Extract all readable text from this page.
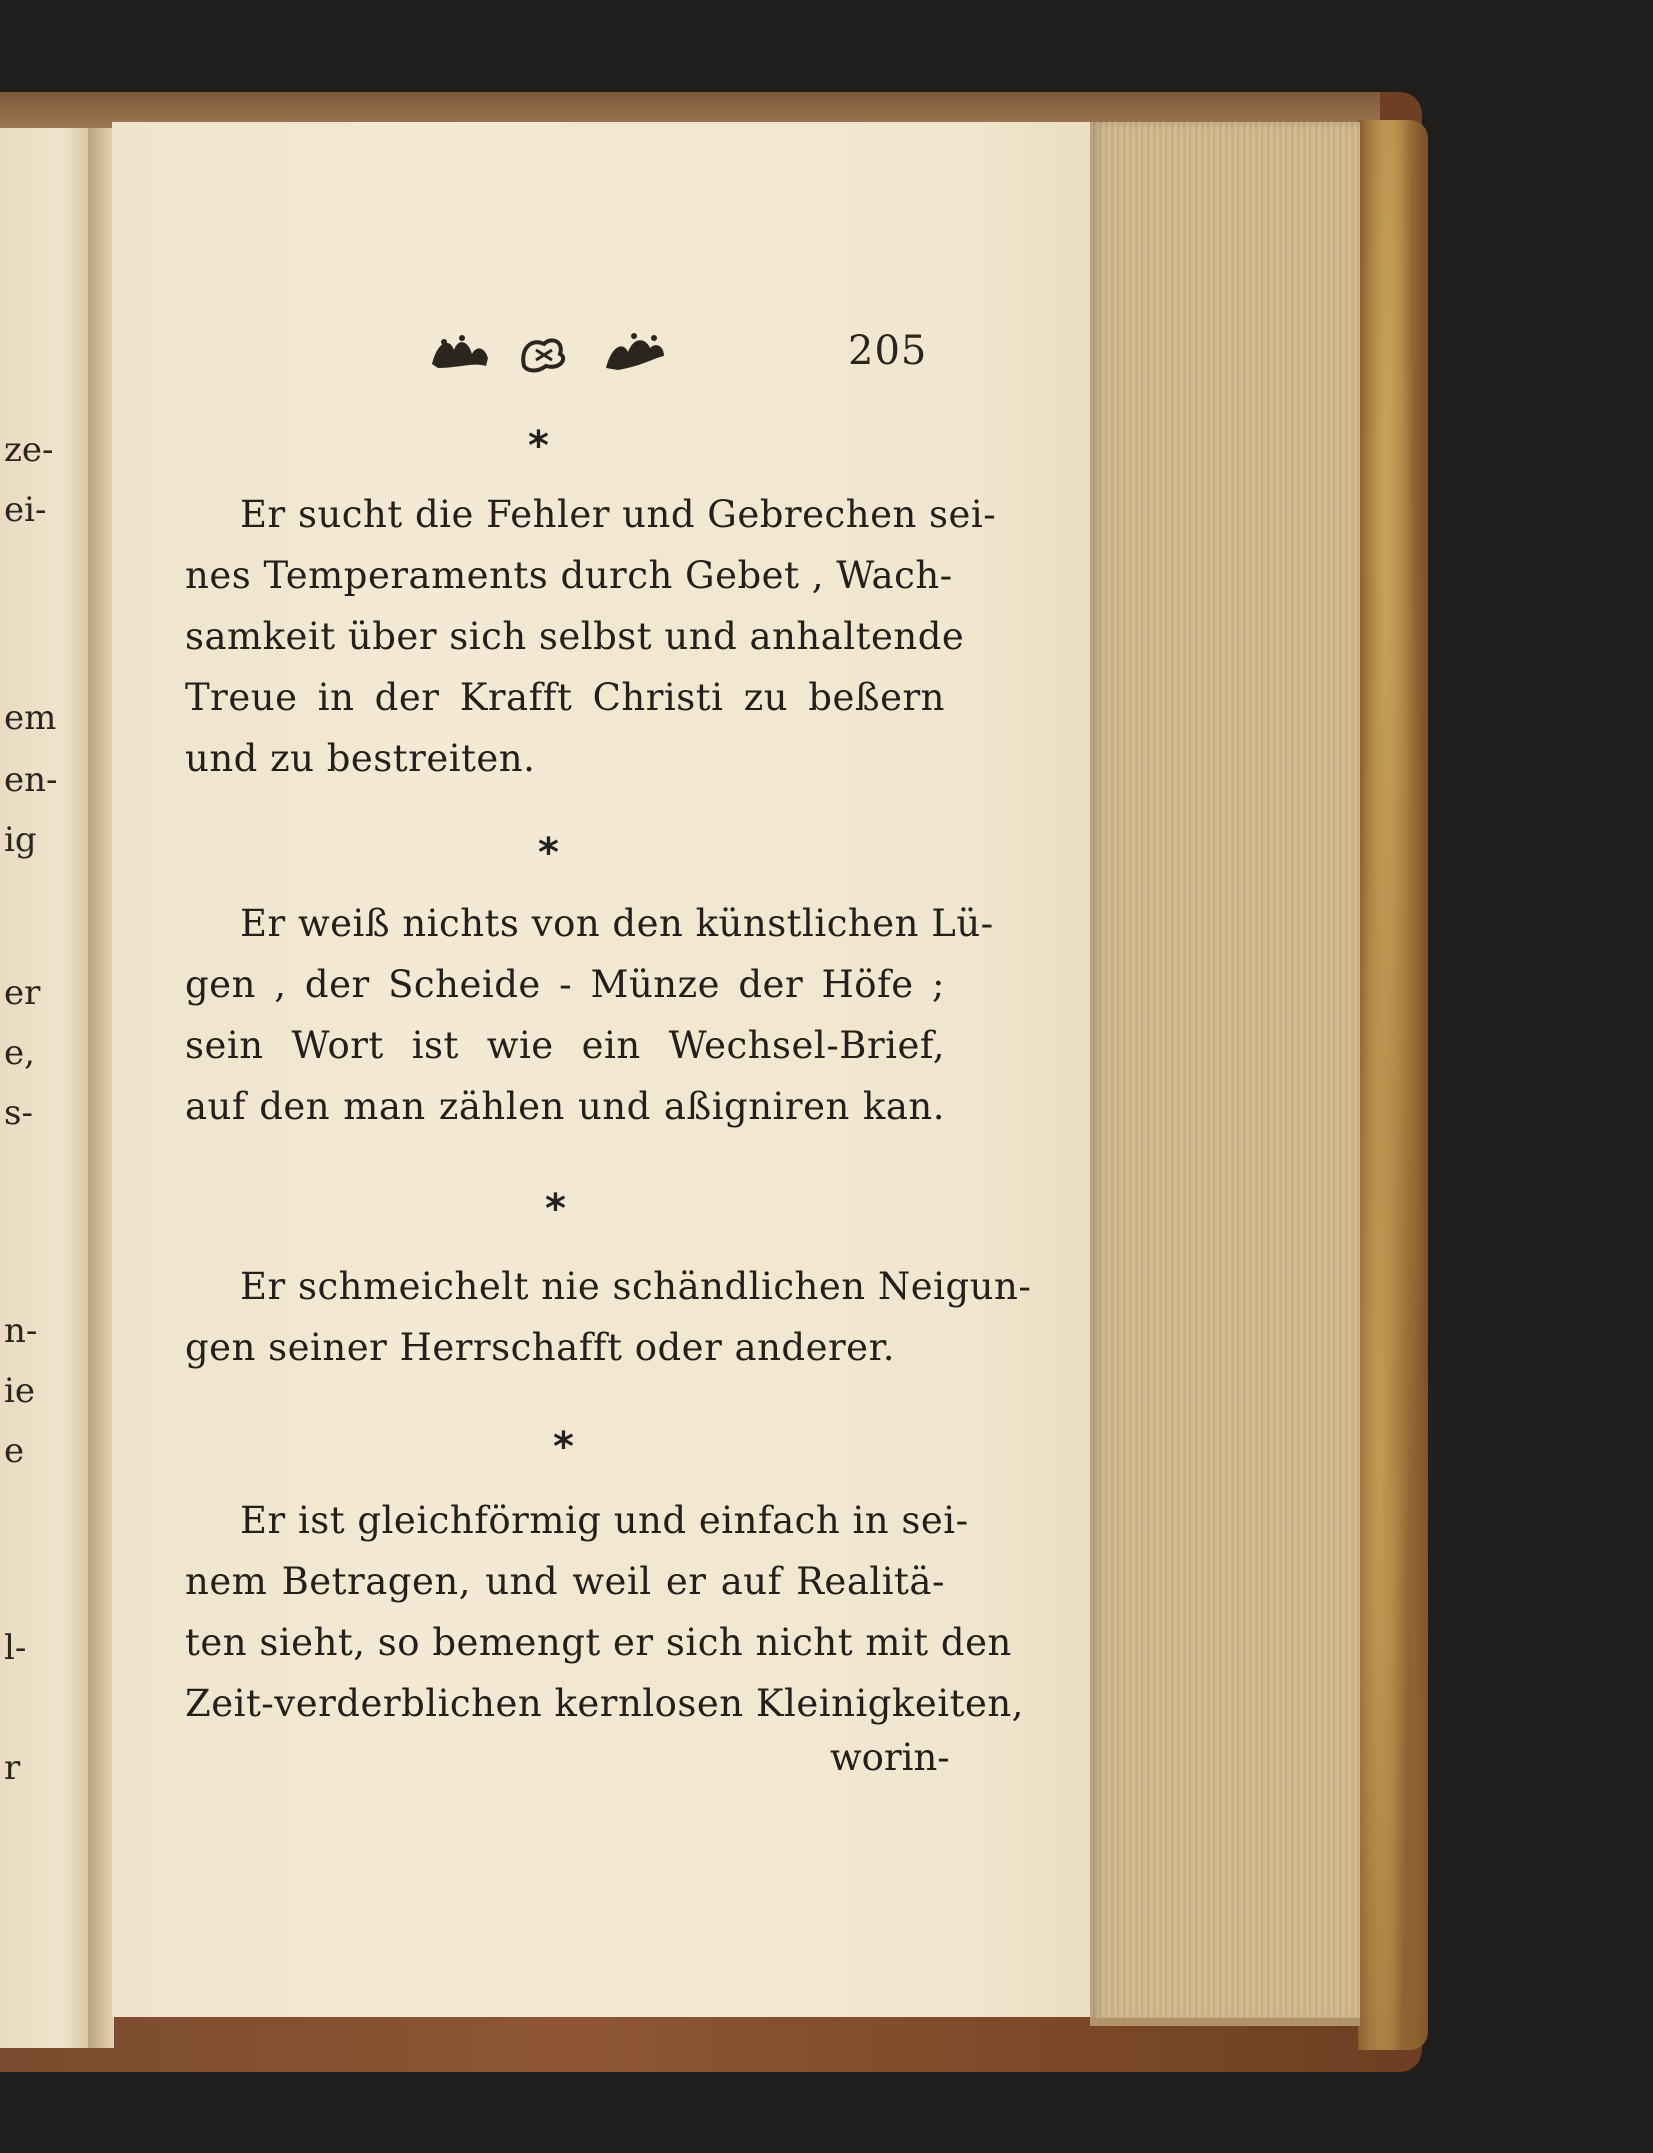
ze-
ei-
em
en-
ig
er
e,
s-
n-
ie
e
l-
r
205
*
Er sucht die Fehler und Gebrechen sei-
nes Temperaments durch Gebet , Wach-
samkeit über sich selbst und anhaltende
Treue in der Krafft Christi zu beßern
und zu bestreiten.
*
Er weiß nichts von den künstlichen Lü-
gen , der Scheide - Münze der Höfe ;
sein Wort ist wie ein Wechsel-Brief,
auf den man zählen und aßigniren kan.
*
Er schmeichelt nie schändlichen Neigun-
gen seiner Herrschafft oder anderer.
*
Er ist gleichförmig und einfach in sei-
nem Betragen, und weil er auf Realitä-
ten sieht, so bemengt er sich nicht mit den
Zeit-verderblichen kernlosen Kleinigkeiten,
worin-
